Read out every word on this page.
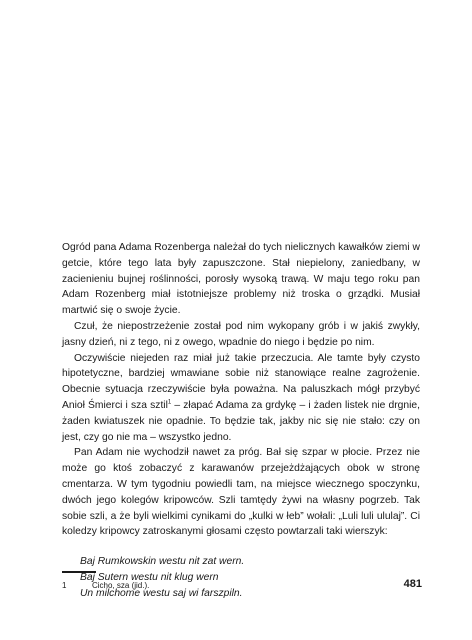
Ogród pana Adama Rozenberga należał do tych nielicznych kawałków ziemi w getcie, które tego lata były zapuszczone. Stał niepielony, zaniedbany, w zacienieniu bujnej roślinności, porosły wysoką trawą. W maju tego roku pan Adam Rozenberg miał istotniejsze problemy niż troska o grządki. Musiał martwić się o swoje życie.

Czuł, że niepostrzeżenie został pod nim wykopany grób i w jakiś zwykły, jasny dzień, ni z tego, ni z owego, wpadnie do niego i będzie po nim.

Oczywiście niejeden raz miał już takie przeczucia. Ale tamte były czysto hipotetyczne, bardziej wmawiane sobie niż stanowiące realne zagrożenie. Obecnie sytuacja rzeczywiście była poważna. Na paluszkach mógł przybyć Anioł Śmierci i sza sztil$^1$ – złapać Adama za grdykę – i żaden listek nie drgnie, żaden kwiatuszek nie opadnie. To będzie tak, jakby nic się nie stało: czy on jest, czy go nie ma – wszystko jedno.

Pan Adam nie wychodził nawet za próg. Bał się szpar w płocie. Przez nie może go ktoś zobaczyć z karawanów przejeżdżających obok w stronę cmentarza. W tym tygodniu powiedli tam, na miejsce wiecznego spoczynku, dwóch jego kolegów kripowców. Szli tamtędy żywi na własny pogrzeb. Tak sobie szli, a że byli wielkimi cynikami do „kulki w łeb” wołali: „Luli luli ululaj”. Ci koledzy kripowcy zatroskanymi głosami często powtarzali taki wierszyk:

Baj Rumkowskin westu nit zat wern.
Baj Sutern westu nit klug wern
Un milchome westu saj wi farszpiln.
1	Cicho, sza (jid.).	481
